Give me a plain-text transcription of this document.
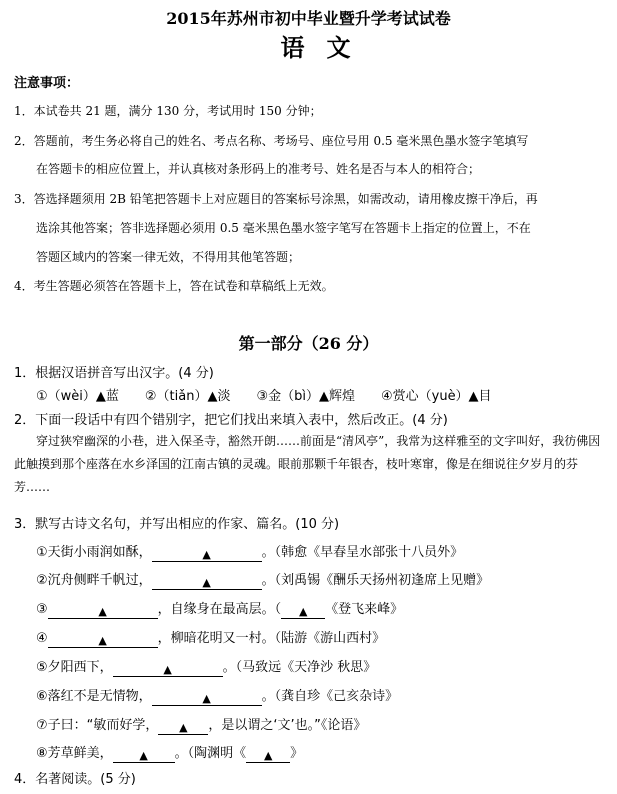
2015年苏州市初中毕业暨升学考试试卷
语文
注意事项：
1．本试卷共 21 题，满分 130 分，考试用时 150 分钟；
2．答题前，考生务必将自己的姓名、考点名称、考场号、座位号用 0.5 毫米黑色墨水签字笔填写
在答题卡的相应位置上，并认真核对条形码上的准考号、姓名是否与本人的相符合；
3．答选择题须用 2B 铅笔把答题卡上对应题目的答案标号涂黑，如需改动，请用橡皮擦干净后，再
选涂其他答案；答非选择题必须用 0.5 毫米黑色墨水签字笔写在答题卡上指定的位置上，不在
答题区域内的答案一律无效，不得用其他笔答题；
4．考生答题必须答在答题卡上，答在试卷和草稿纸上无效。
第一部分（26 分）
1．根据汉语拼音写出汉字。(4 分)
①（wèi）▲蓝　　②（tiǎn）▲淡　　③金（bì）▲辉煌　　④赏心（yuè）▲目
2．下面一段话中有四个错别字，把它们找出来填入表中，然后改正。(4 分)
穿过狭窄幽深的小巷，进入保圣寺，豁然开朗……前面是“清风亭”，我常为这样雅至的文字叫好，我彷佛因此触摸到那个座落在水乡泽国的江南古镇的灵魂。眼前那颗千年银杏，枝叶寒窜，像是在细说往夕岁月的芬芳……
3．默写古诗文名句，并写出相应的作家、篇名。(10 分)
①天街小雨润如酥，	▲	。（韩愈《早春呈水部张十八员外》
②沉舟侧畔千帆过，	▲	。（刘禹锡《酬乐天扬州初逢席上见赠》
③	▲	，自缘身在最高层。（ ▲ 《登飞来峰》
④	▲	，柳暗花明又一村。（陆游《游山西村》
⑤夕阳西下，	▲	。（马致远《天净沙 秋思》
⑥落红不是无情物，	▲	。（龚自珍《己亥杂诗》
⑦子曰：“敏而好学， ▲ ，是以谓之‘文’也。”《论语》
⑧芳草鲜美， ▲ 。（陶渊明《 ▲ 》
4．名著阅读。(5 分)
